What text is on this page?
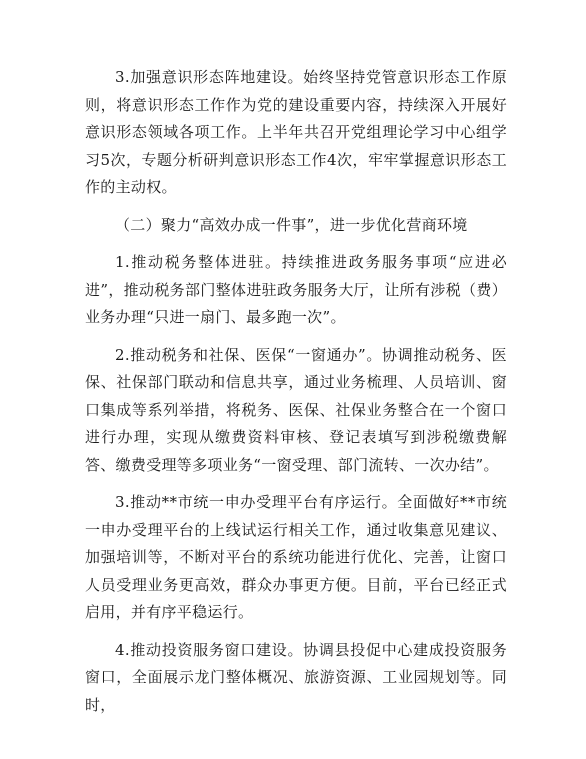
3.加强意识形态阵地建设。始终坚持党管意识形态工作原则，将意识形态工作作为党的建设重要内容，持续深入开展好意识形态领域各项工作。上半年共召开党组理论学习中心组学习5次，专题分析研判意识形态工作4次，牢牢掌握意识形态工作的主动权。

（二）聚力“高效办成一件事”，进一步优化营商环境

1.推动税务整体进驻。持续推进政务服务事项“应进必进”，推动税务部门整体进驻政务服务大厅，让所有涉税（费）业务办理“只进一扇门、最多跑一次”。

2.推动税务和社保、医保“一窗通办”。协调推动税务、医保、社保部门联动和信息共享，通过业务梳理、人员培训、窗口集成等系列举措，将税务、医保、社保业务整合在一个窗口进行办理，实现从缴费资料审核、登记表填写到涉税缴费解答、缴费受理等多项业务“一窗受理、部门流转、一次办结”。

3.推动**市统一申办受理平台有序运行。全面做好**市统一申办受理平台的上线试运行相关工作，通过收集意见建议、加强培训等，不断对平台的系统功能进行优化、完善，让窗口人员受理业务更高效，群众办事更方便。目前，平台已经正式启用，并有序平稳运行。

4.推动投资服务窗口建设。协调县投促中心建成投资服务窗口，全面展示龙门整体概况、旅游资源、工业园规划等。同时，
